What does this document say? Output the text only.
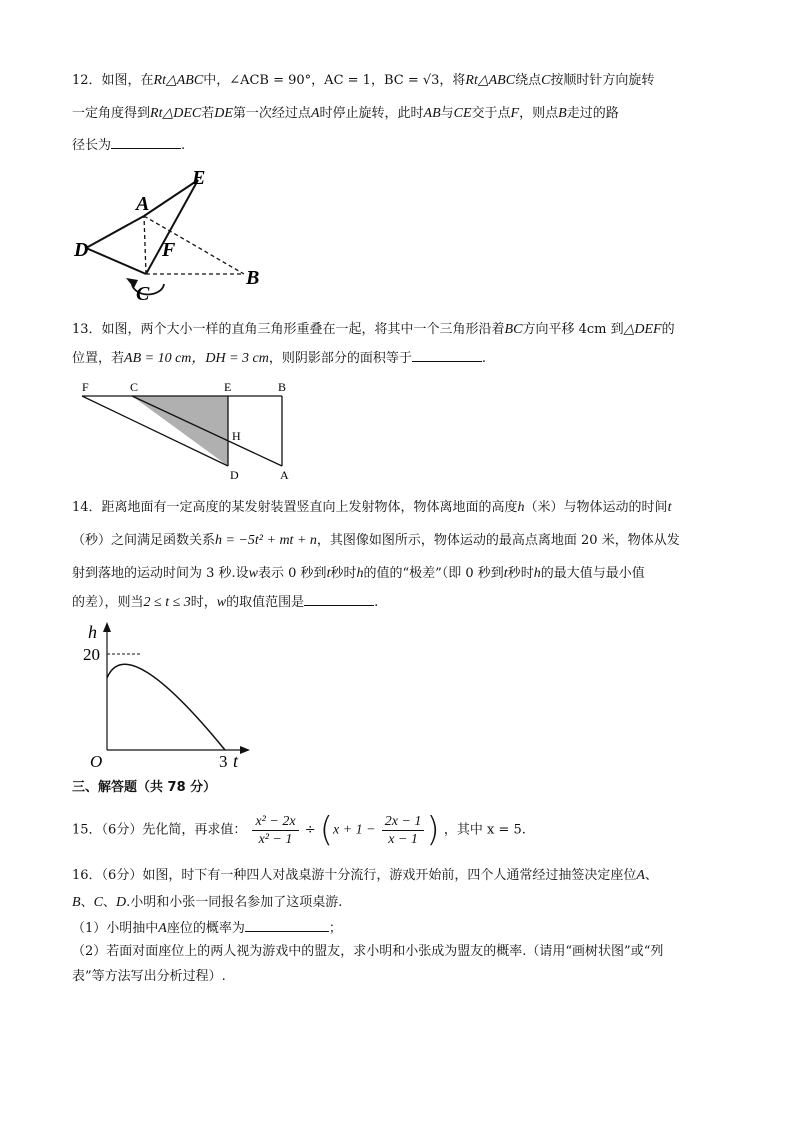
12．如图，在Rt△ABC中，∠ACB = 90°，AC = 1，BC = √3，将Rt△ABC绕点C按顺时针方向旋转
一定角度得到Rt△DEC若DE第一次经过点A时停止旋转，此时AB与CE交于点F，则点B走过的路
径长为	.
E
A
D	F
B
C
13．如图，两个大小一样的直角三角形重叠在一起，将其中一个三角形沿着BC方向平移 4cm 到△DEF的
位置，若AB = 10 cm，DH = 3 cm，则阴影部分的面积等于	.
F	C	E	B
H
D	A
14．距离地面有一定高度的某发射装置竖直向上发射物体，物体离地面的高度h（米）与物体运动的时间t
（秒）之间满足函数关系h = −5t² + mt + n，其图像如图所示，物体运动的最高点离地面 20 米，物体从发
射到落地的运动时间为 3 秒.设w表示 0 秒到t秒时h的值的“极差”（即 0 秒到t秒时h的最大值与最小值
的差），则当2 ≤ t ≤ 3时，w的取值范围是	.
h
20
O	3 t
三、解答题（共 78 分）
15．（6分）先化简，再求值： $\frac{\text{x² − 2x}}{\text{x² − 1}} \div (x + 1 - \frac{2x - 1}{x - 1}$ ) ，其中 x = 5.
16．（6分）如图，时下有一种四人对战桌游十分流行，游戏开始前，四个人通常经过抽签决定座位A、
B、C、D.小明和小张一同报名参加了这项桌游.
（1）小明抽中A座位的概率为	；
（2）若面对面座位上的两人视为游戏中的盟友，求小明和小张成为盟友的概率.（请用“画树状图”或“列
表”等方法写出分析过程）.
